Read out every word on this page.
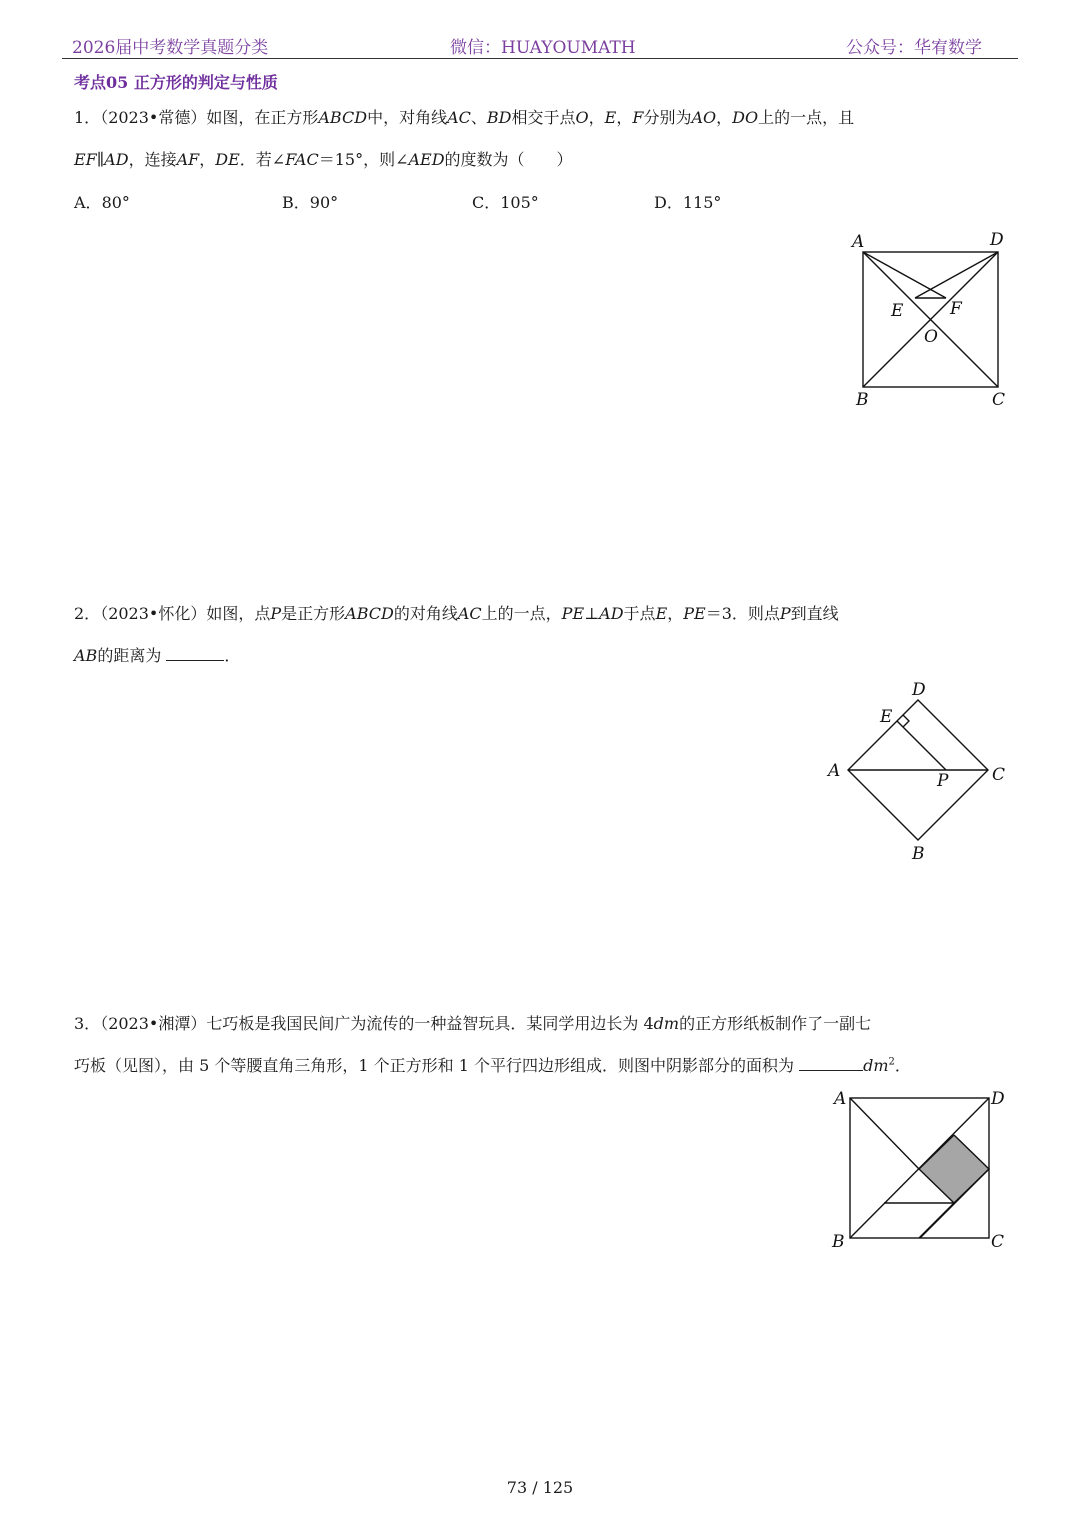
2026届中考数学真题分类	微信：HUAYOUMATH	公众号：华宥数学
考点05 正方形的判定与性质
1．（2023•常德）如图，在正方形ABCD中，对角线AC、BD相交于点O，E，F分别为AO，DO上的一点，且
EF∥AD，连接AF，DE．若∠FAC＝15°，则∠AED的度数为（　　）
A．80°	B．90°	C．105°	D．115°
A	D
B	C
E	F
O
2．（2023•怀化）如图，点P是正方形ABCD的对角线AC上的一点，PE⊥AD于点E，PE＝3．则点P到直线
AB的距离为	．
A
D
E
P	C
B
3．（2023•湘潭）七巧板是我国民间广为流传的一种益智玩具．某同学用边长为 4dm的正方形纸板制作了一副七
巧板（见图），由 5 个等腰直角三角形，1 个正方形和 1 个平行四边形组成．则图中阴影部分的面积为	$dm^2$．
A	D
B	C
73 / 125
